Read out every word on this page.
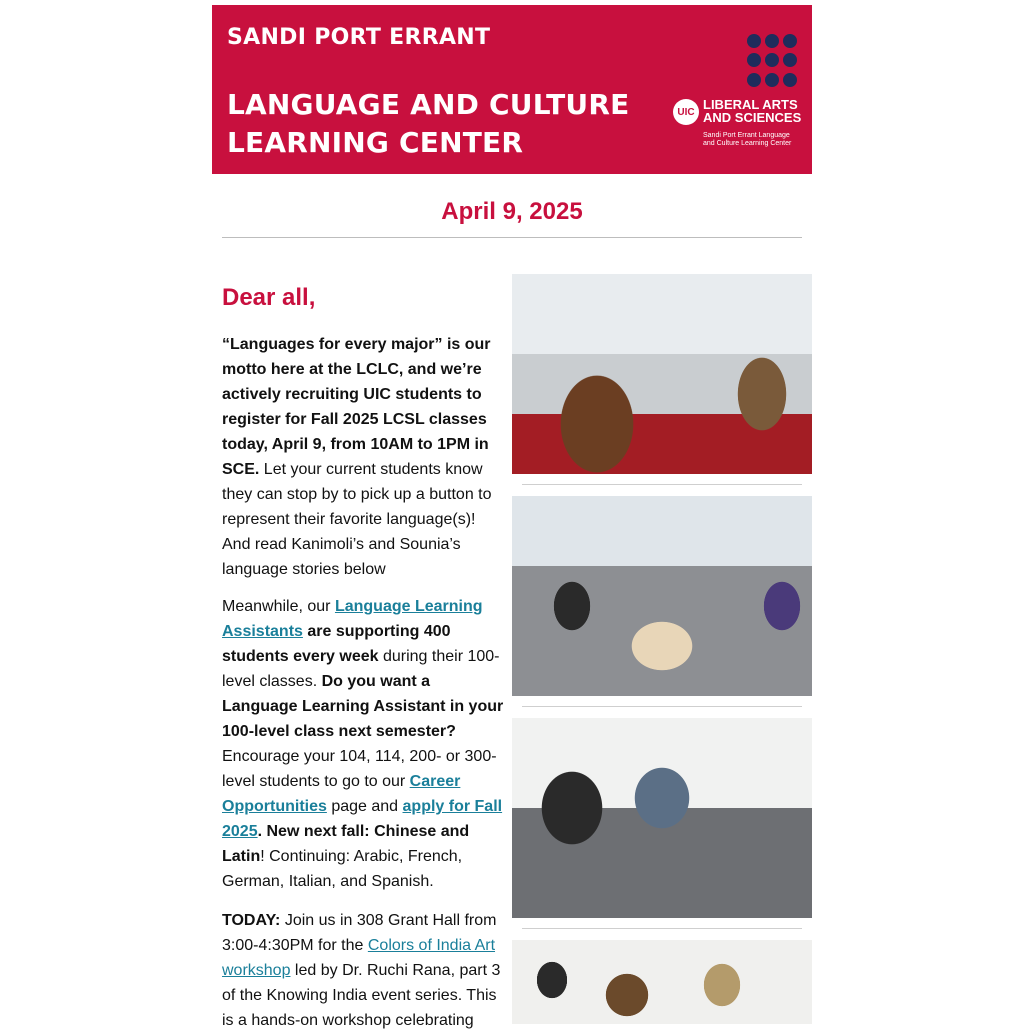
SANDI PORT ERRANT
LANGUAGE AND CULTURE
LEARNING CENTER
UIC LIBERAL ARTS
AND SCIENCES
Sandi Port Errant Language and Culture Learning Center
April 9, 2025
Dear all,

“Languages for every major” is our motto here at the LCLC, and we’re actively recruiting UIC students to register for Fall 2025 LCSL classes today, April 9, from 10AM to 1PM in SCE. Let your current students know they can stop by to pick up a button to represent their favorite language(s)! And read Kanimoli’s and Sounia’s language stories below

Meanwhile, our Language Learning Assistants are supporting 400 students every week during their 100-level classes. Do you want a Language Learning Assistant in your 100-level class next semester? Encourage your 104, 114, 200- or 300-level students to go to our Career Opportunities page and apply for Fall 2025. New next fall: Chinese and Latin! Continuing: Arabic, French, German, Italian, and Spanish.

TODAY: Join us in 308 Grant Hall from 3:00-4:30PM for the Colors of India Art workshop led by Dr. Ruchi Rana, part 3 of the Knowing India event series. This is a hands-on workshop celebrating
